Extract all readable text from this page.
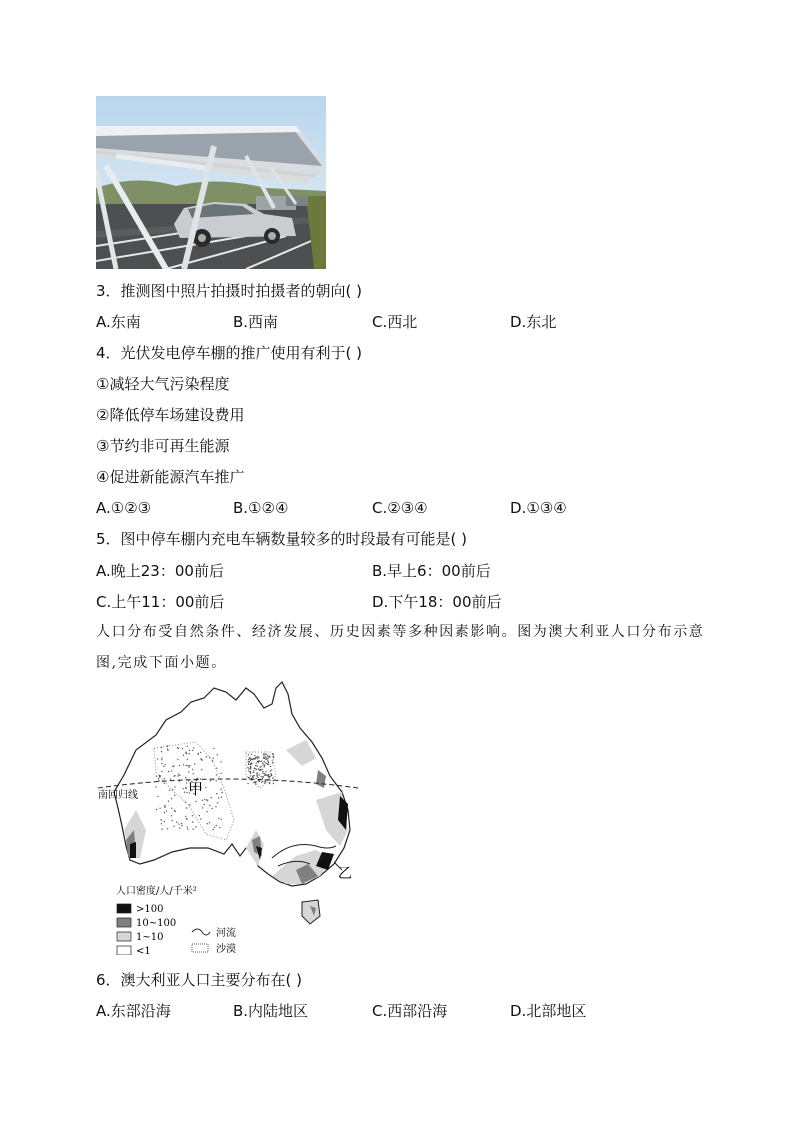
3．推测图中照片拍摄时拍摄者的朝向( )
A.东南	B.西南	C.西北	D.东北
4．光伏发电停车棚的推广使用有利于( )
①减轻大气污染程度
②降低停车场建设费用
③节约非可再生能源
④促进新能源汽车推广
A.①②③	B.①②④	C.②③④	D.①③④
5．图中停车棚内充电车辆数量较多的时段最有可能是( )
A.晚上23：00前后	B.早上6：00前后
C.上午11：00前后	D.下午18：00前后
人口分布受自然条件、经济发展、历史因素等多种因素影响。图为澳大利亚人口分布示意图,完成下面小题。
南回归线	甲
乙
人口密度/人/千米²
>100
10~100
1~10
<1
河流
沙漠
6．澳大利亚人口主要分布在( )
A.东部沿海	B.内陆地区	C.西部沿海	D.北部地区
